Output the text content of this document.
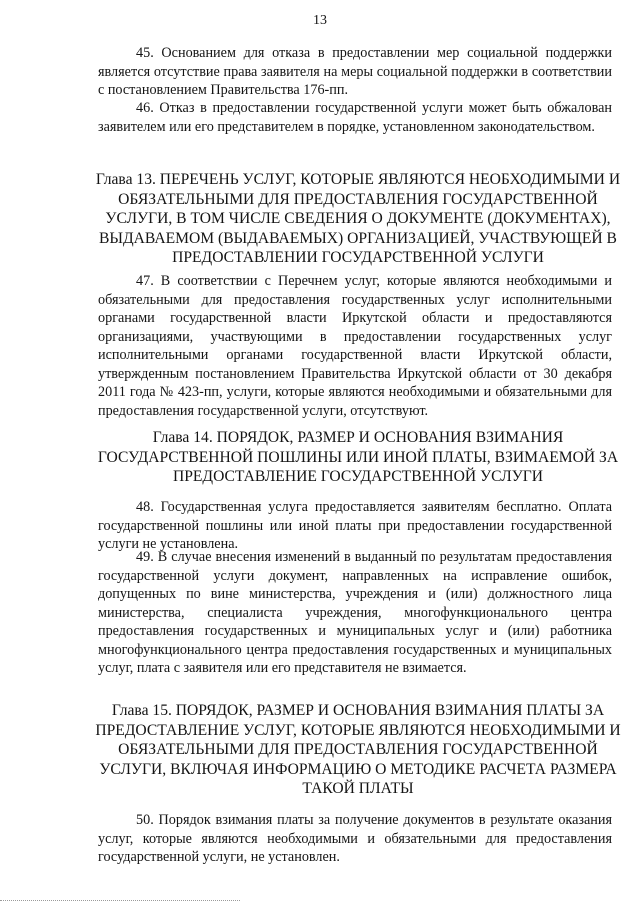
13

45. Основанием для отказа в предоставлении мер социальной поддержки является отсутствие права заявителя на меры социальной поддержки в соответствии с постановлением Правительства 176-пп.

46. Отказ в предоставлении государственной услуги может быть обжалован заявителем или его представителем в порядке, установленном законодательством.

Глава 13. ПЕРЕЧЕНЬ УСЛУГ, КОТОРЫЕ ЯВЛЯЮТСЯ НЕОБХОДИМЫМИ И ОБЯЗАТЕЛЬНЫМИ ДЛЯ ПРЕДОСТАВЛЕНИЯ ГОСУДАРСТВЕННОЙ УСЛУГИ, В ТОМ ЧИСЛЕ СВЕДЕНИЯ О ДОКУМЕНТЕ (ДОКУМЕНТАХ), ВЫДАВАЕМОМ (ВЫДАВАЕМЫХ) ОРГАНИЗАЦИЕЙ, УЧАСТВУЮЩЕЙ В ПРЕДОСТАВЛЕНИИ ГОСУДАРСТВЕННОЙ УСЛУГИ

47. В соответствии с Перечнем услуг, которые являются необходимыми и обязательными для предоставления государственных услуг исполнительными органами государственной власти Иркутской области и предоставляются организациями, участвующими в предоставлении государственных услуг исполнительными органами государственной власти Иркутской области, утвержденным постановлением Правительства Иркутской области от 30 декабря 2011 года № 423-пп, услуги, которые являются необходимыми и обязательными для предоставления государственной услуги, отсутствуют.

Глава 14. ПОРЯДОК, РАЗМЕР И ОСНОВАНИЯ ВЗИМАНИЯ ГОСУДАРСТВЕННОЙ ПОШЛИНЫ ИЛИ ИНОЙ ПЛАТЫ, ВЗИМАЕМОЙ ЗА ПРЕДОСТАВЛЕНИЕ ГОСУДАРСТВЕННОЙ УСЛУГИ

48. Государственная услуга предоставляется заявителям бесплатно. Оплата государственной пошлины или иной платы при предоставлении государственной услуги не установлена.

49. В случае внесения изменений в выданный по результатам предоставления государственной услуги документ, направленных на исправление ошибок, допущенных по вине министерства, учреждения и (или) должностного лица министерства, специалиста учреждения, многофункционального центра предоставления государственных и муниципальных услуг и (или) работника многофункционального центра предоставления государственных и муниципальных услуг, плата с заявителя или его представителя не взимается.

Глава 15. ПОРЯДОК, РАЗМЕР И ОСНОВАНИЯ ВЗИМАНИЯ ПЛАТЫ ЗА ПРЕДОСТАВЛЕНИЕ УСЛУГ, КОТОРЫЕ ЯВЛЯЮТСЯ НЕОБХОДИМЫМИ И ОБЯЗАТЕЛЬНЫМИ ДЛЯ ПРЕДОСТАВЛЕНИЯ ГОСУДАРСТВЕННОЙ УСЛУГИ, ВКЛЮЧАЯ ИНФОРМАЦИЮ О МЕТОДИКЕ РАСЧЕТА РАЗМЕРА ТАКОЙ ПЛАТЫ

50. Порядок взимания платы за получение документов в результате оказания услуг, которые являются необходимыми и обязательными для предоставления государственной услуги, не установлен.
